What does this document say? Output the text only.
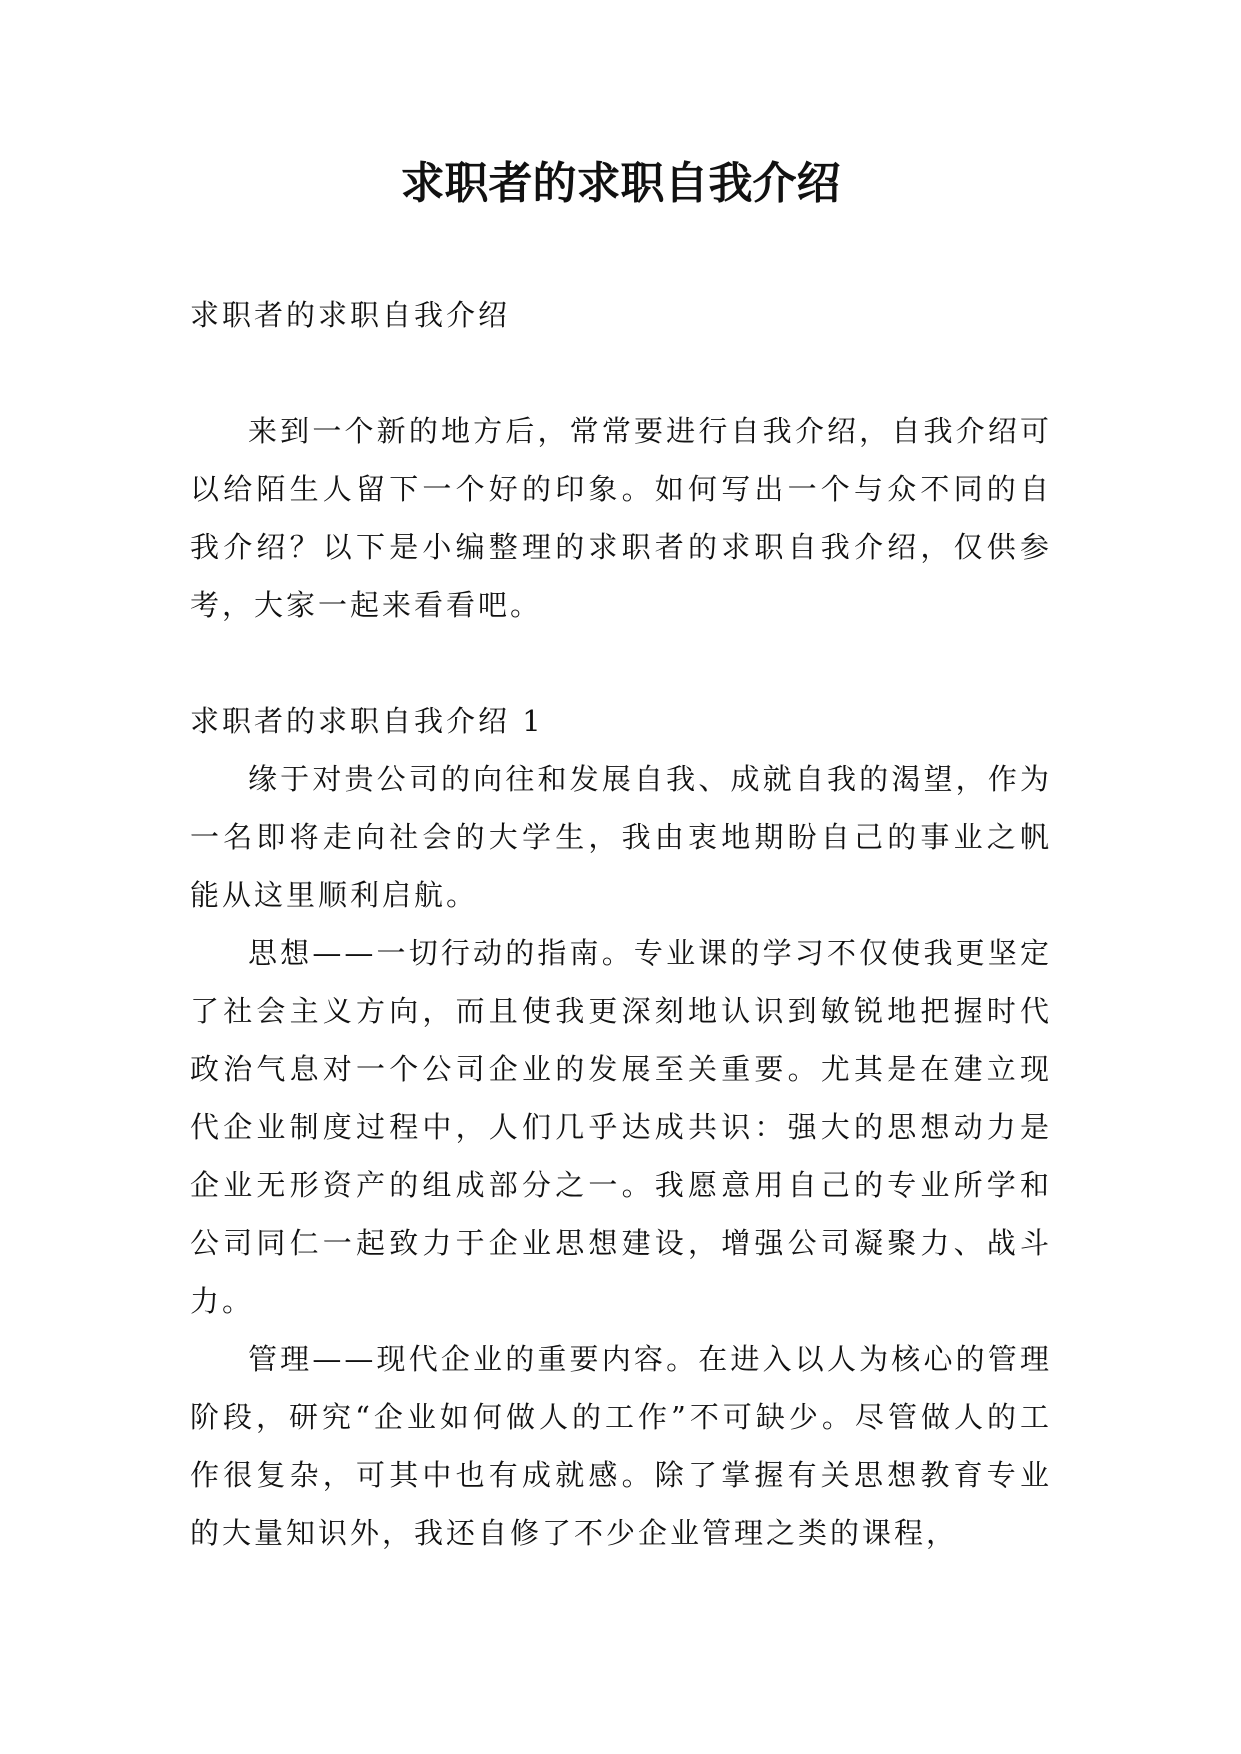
求职者的求职自我介绍

求职者的求职自我介绍

来到一个新的地方后，常常要进行自我介绍，自我介绍可以给陌生人留下一个好的印象。如何写出一个与众不同的自我介绍？以下是小编整理的求职者的求职自我介绍，仅供参考，大家一起来看看吧。

求职者的求职自我介绍 1

缘于对贵公司的向往和发展自我、成就自我的渴望，作为一名即将走向社会的大学生，我由衷地期盼自己的事业之帆能从这里顺利启航。

思想——一切行动的指南。专业课的学习不仅使我更坚定了社会主义方向，而且使我更深刻地认识到敏锐地把握时代政治气息对一个公司企业的发展至关重要。尤其是在建立现代企业制度过程中，人们几乎达成共识：强大的思想动力是企业无形资产的组成部分之一。我愿意用自己的专业所学和公司同仁一起致力于企业思想建设，增强公司凝聚力、战斗力。

管理——现代企业的重要内容。在进入以人为核心的管理阶段，研究“企业如何做人的工作”不可缺少。尽管做人的工作很复杂，可其中也有成就感。除了掌握有关思想教育专业的大量知识外，我还自修了不少企业管理之类的课程，
